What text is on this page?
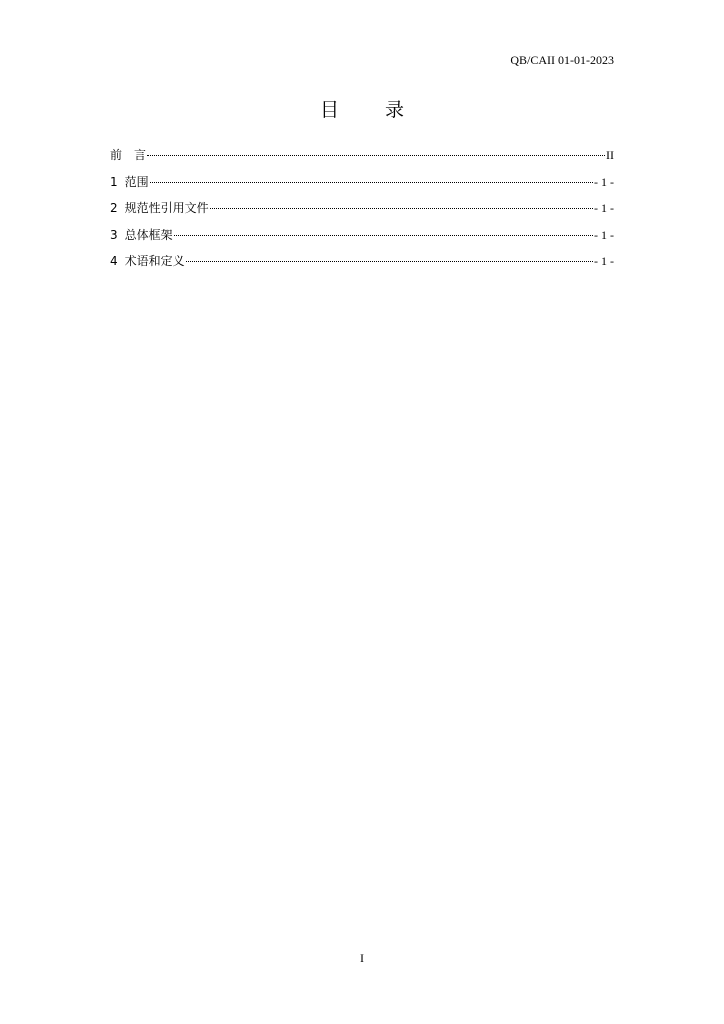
QB/CAII 01-01-2023
目 录
前　言	II
1 范围	- 1 -
2 规范性引用文件	- 1 -
3 总体框架	- 1 -
4 术语和定义	- 1 -
I
